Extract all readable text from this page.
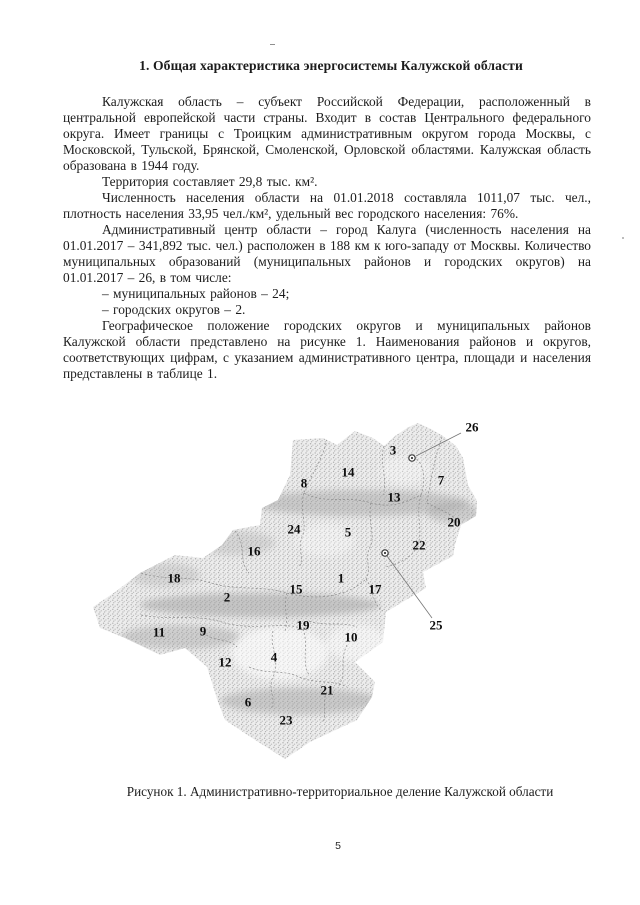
1. Общая характеристика энергосистемы Калужской области

Калужская область – субъект Российской Федерации, расположенный в центральной европейской части страны. Входит в состав Центрального федерального округа. Имеет границы с Троицким административным округом города Москвы, с Московской, Тульской, Брянской, Смоленской, Орловской областями. Калужская область образована в 1944 году.

Территория составляет 29,8 тыс. км².

Численность населения области на 01.01.2018 составляла 1011,07 тыс. чел., плотность населения 33,95 чел./км², удельный вес городского населения: 76%.

Административный центр области – город Калуга (численность населения на 01.01.2017 – 341,892 тыс. чел.) расположен в 188 км к юго-западу от Москвы. Количество муниципальных образований (муниципальных районов и городских округов) на 01.01.2017 – 26, в том числе:

– муниципальных районов – 24;

– городских округов – 2.

Географическое положение городских округов и муниципальных районов Калужской области представлено на рисунке 1. Наименования районов и округов, соответствующих цифрам, с указанием административного центра, площади и населения представлены в таблице 1.

1
2
3
4
5
6
7
8
9	10
11
12
13
14
15
16
17
18
19
20
21
22
23
24
25
26
Рисунок 1. Административно-территориальное деление Калужской области
5
